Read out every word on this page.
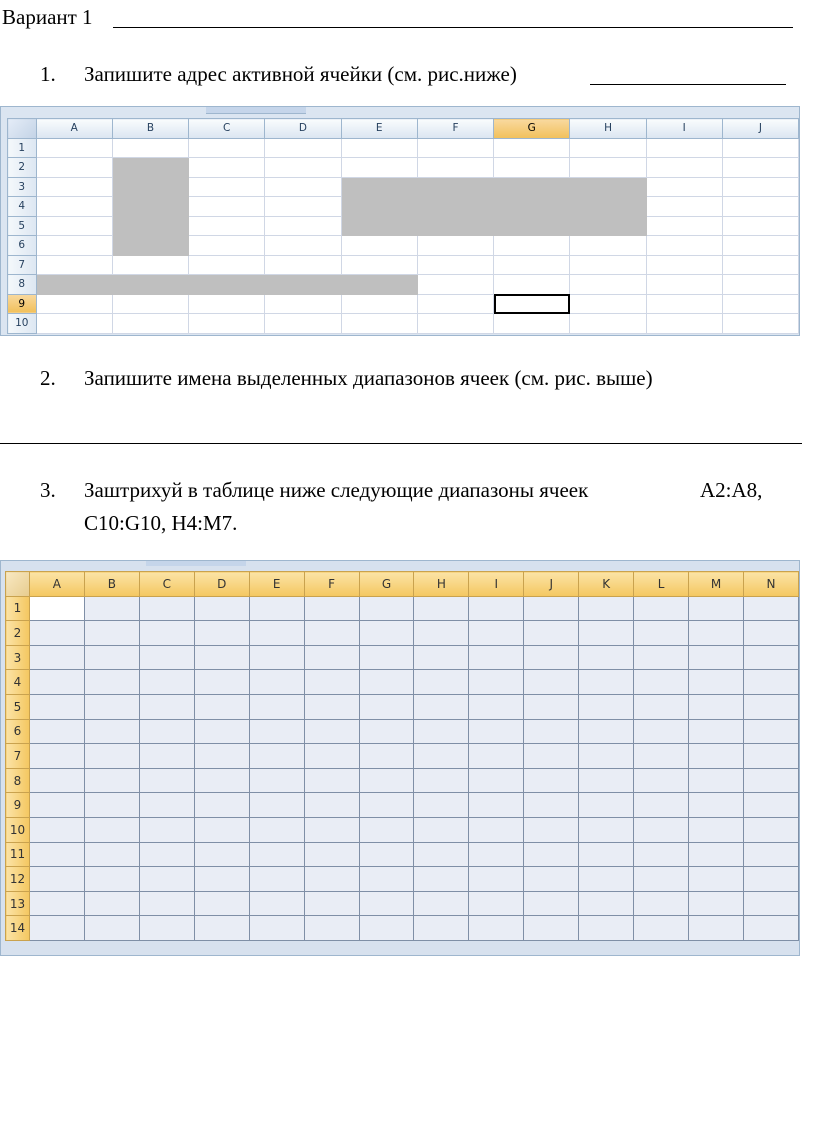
Вариант 1
1. Запишите адрес активной ячейки (см. рис.ниже)
	A	B	C	D	E	F	G	H	I	J
1										
2										
3										
4										
5										
6										
7										
8										
9										
10										
2. Запишите имена выделенных диапазонов ячеек (см. рис. выше)
3. Заштрихуй в таблице ниже следующие диапазоны ячеек	A2:A8,
C10:G10, H4:M7.
	A	B	C	D	E	F	G	H	I	J	K	L	M	N
1														
2														
3														
4														
5														
6														
7														
8														
9														
10														
11														
12														
13														
14														
